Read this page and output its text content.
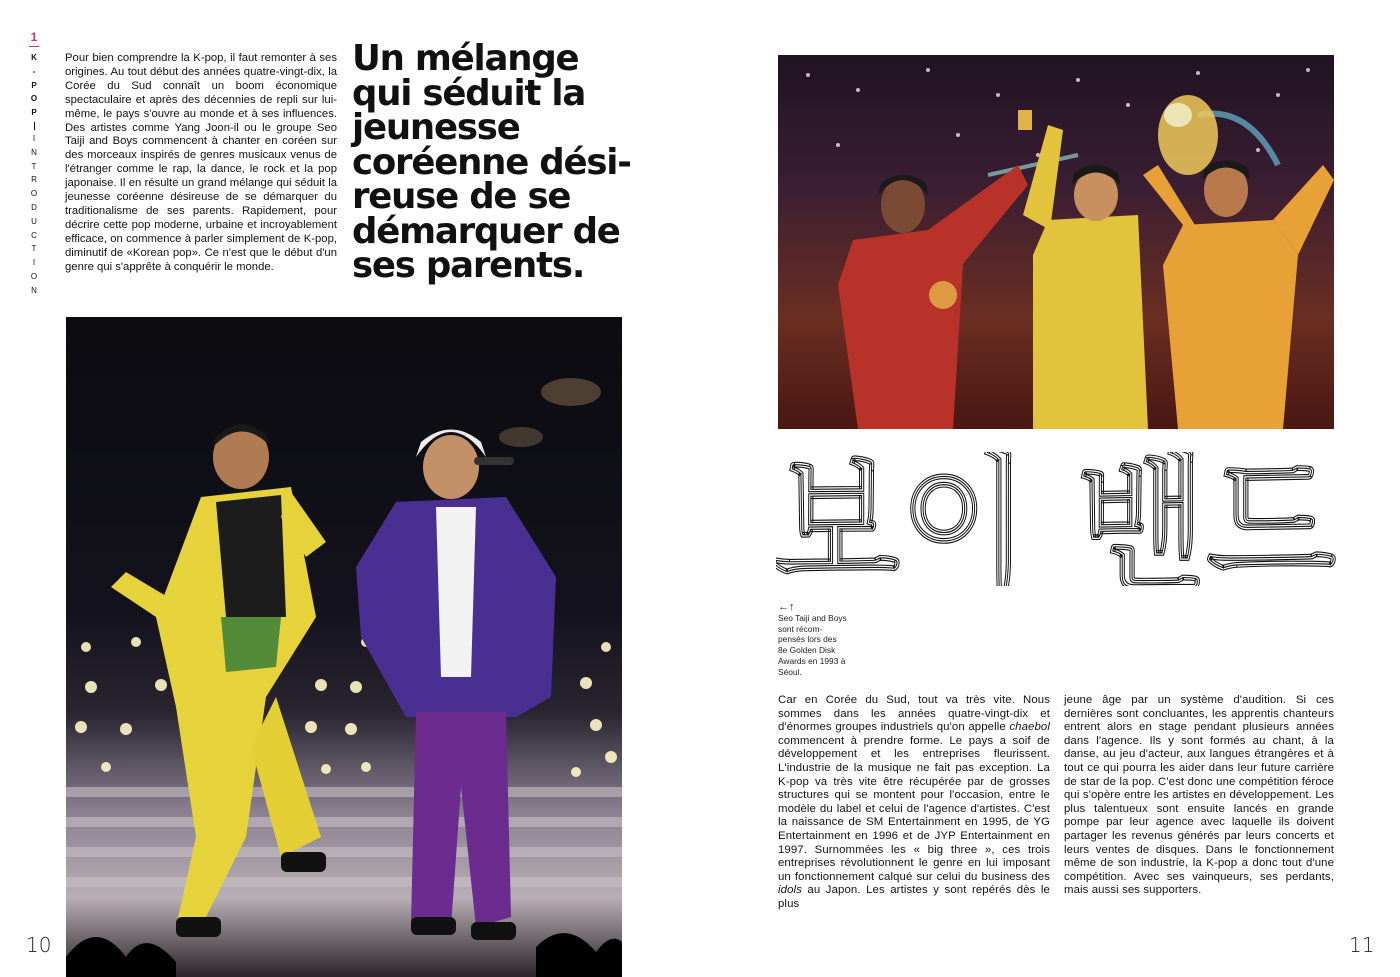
1
K
-
P
O
P
I
N
T
R
O
D
U
C
T
I
O
N

Pour bien comprendre la K-pop, il faut remonter à ses origines. Au tout début des années quatre-vingt-dix, la Corée du Sud connaît un boom économique spectaculaire et après des décennies de repli sur lui-même, le pays s'ouvre au monde et à ses influences. Des artistes comme Yang Joon-il ou le groupe Seo Taiji and Boys commencent à chanter en coréen sur des morceaux inspirés de genres musicaux venus de l'étranger comme le rap, la dance, le rock et la pop japonaise. Il en résulte un grand mélange qui séduit la jeunesse coréenne désireuse de se démarquer du traditionalisme de ses parents. Rapidement, pour décrire cette pop moderne, urbaine et incroyablement efficace, on commence à parler simplement de K-pop, diminutif de «Korean pop». Ce n'est que le début d'un genre qui s'apprête à conquérir le monde.

Un mélange
qui séduit la
jeunesse
coréenne dési-
reuse de se
démarquer de
ses parents.
보이 밴드
←↑
Seo Taiji and Boys
sont récom-
pensés lors des
8e Golden Disk
Awards en 1993 à
Séoul.

Car en Corée du Sud, tout va très vite. Nous sommes dans les années quatre-vingt-dix et d'énormes groupes industriels qu'on appelle chaebol commencent à prendre forme. Le pays a soif de développement et les entreprises fleurissent. L'industrie de la musique ne fait pas exception. La K-pop va très vite être récupérée par de grosses structures qui se montent pour l'occasion, entre le modèle du label et celui de l'agence d'artistes. C'est la naissance de SM Entertainment en 1995, de YG Entertainment en 1996 et de JYP Entertainment en 1997. Surnommées les « big three », ces trois entreprises révolutionnent le genre en lui imposant un fonctionnement calqué sur celui du business des idols au Japon. Les artistes y sont repérés dès le plus

jeune âge par un système d'audition. Si ces dernières sont concluantes, les apprentis chanteurs entrent alors en stage pendant plusieurs années dans l'agence. Ils y sont formés au chant, à la danse, au jeu d'acteur, aux langues étrangères et à tout ce qui pourra les aider dans leur future carrière de star de la pop. C'est donc une compétition féroce qui s'opère entre les artistes en développement. Les plus talentueux sont ensuite lancés en grande pompe par leur agence avec laquelle ils doivent partager les revenus générés par leurs concerts et leurs ventes de disques. Dans le fonctionnement même de son industrie, la K-pop a donc tout d'une compétition. Avec ses vainqueurs, ses perdants, mais aussi ses supporters.

10	11
